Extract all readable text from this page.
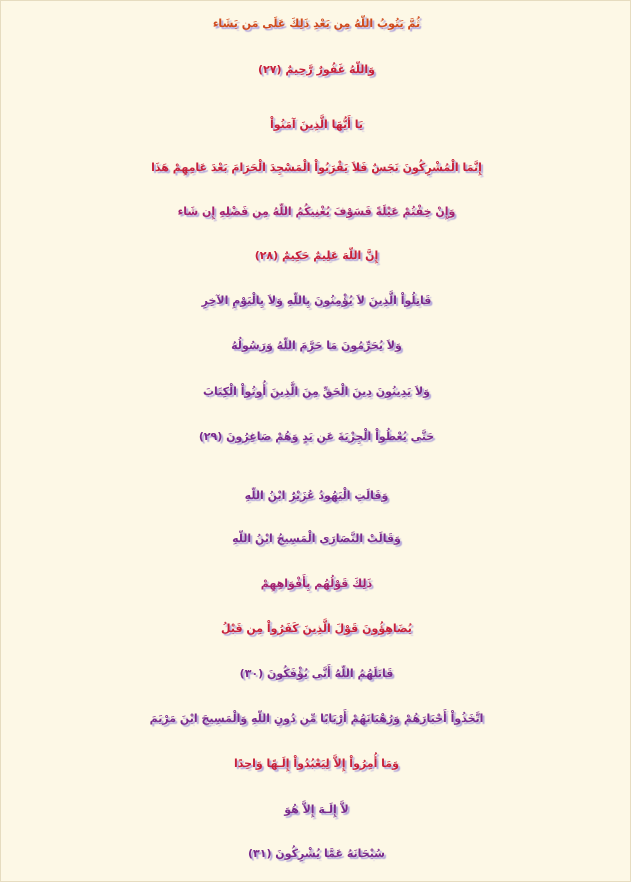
ثُمَّ يَتُوبُ اللّهُ مِن بَعْدِ ذَلِكَ عَلَى مَن يَشَاء
وَاللّهُ غَفُورٌ رَّحِيمٌ (٢٧)
يَا أَيُّهَا الَّذِينَ آمَنُواْ
إِنَّمَا الْمُشْرِكُونَ نَجَسٌ فَلاَ يَقْرَبُواْ الْمَسْجِدَ الْحَرَامَ بَعْدَ عَامِهِمْ هَذَا
وَإِنْ خِفْتُمْ عَيْلَةً فَسَوْفَ يُغْنِيكُمُ اللّهُ مِن فَضْلِهِ إِن شَاء
إِنَّ اللّهَ عَلِيمٌ حَكِيمٌ (٢٨)
قَاتِلُواْ الَّذِينَ لاَ يُؤْمِنُونَ بِاللّهِ وَلاَ بِالْيَوْمِ الآخِرِ
وَلاَ يُحَرِّمُونَ مَا حَرَّمَ اللّهُ وَرَسُولُهُ
وَلاَ يَدِينُونَ دِينَ الْحَقِّ مِنَ الَّذِينَ أُوتُواْ الْكِتَابَ
حَتَّى يُعْطُواْ الْجِزْيَةَ عَن يَدٍ وَهُمْ صَاغِرُونَ (٢٩)
وَقَالَتِ الْيَهُودُ عُزَيْرٌ ابْنُ اللّهِ
وَقَالَتْ النَّصَارَى الْمَسِيحُ ابْنُ اللّهِ
ذَلِكَ قَوْلُهُم بِأَفْوَاهِهِمْ
يُضَاهِؤُونَ قَوْلَ الَّذِينَ كَفَرُواْ مِن قَبْلُ
قَاتَلَهُمُ اللّهُ أَنَّى يُؤْفَكُونَ (٣٠)
اتَّخَذُواْ أَحْبَارَهُمْ وَرُهْبَانَهُمْ أَرْبَابًا مِّن دُونِ اللّهِ وَالْمَسِيحَ ابْنَ مَرْيَمَ
وَمَا أُمِرُواْ إِلاَّ لِيَعْبُدُواْ إِلَـهًا وَاحِدًا
لاَّ إِلَـهَ إِلاَّ هُوَ
سُبْحَانَهُ عَمَّا يُشْرِكُونَ (٣١)
